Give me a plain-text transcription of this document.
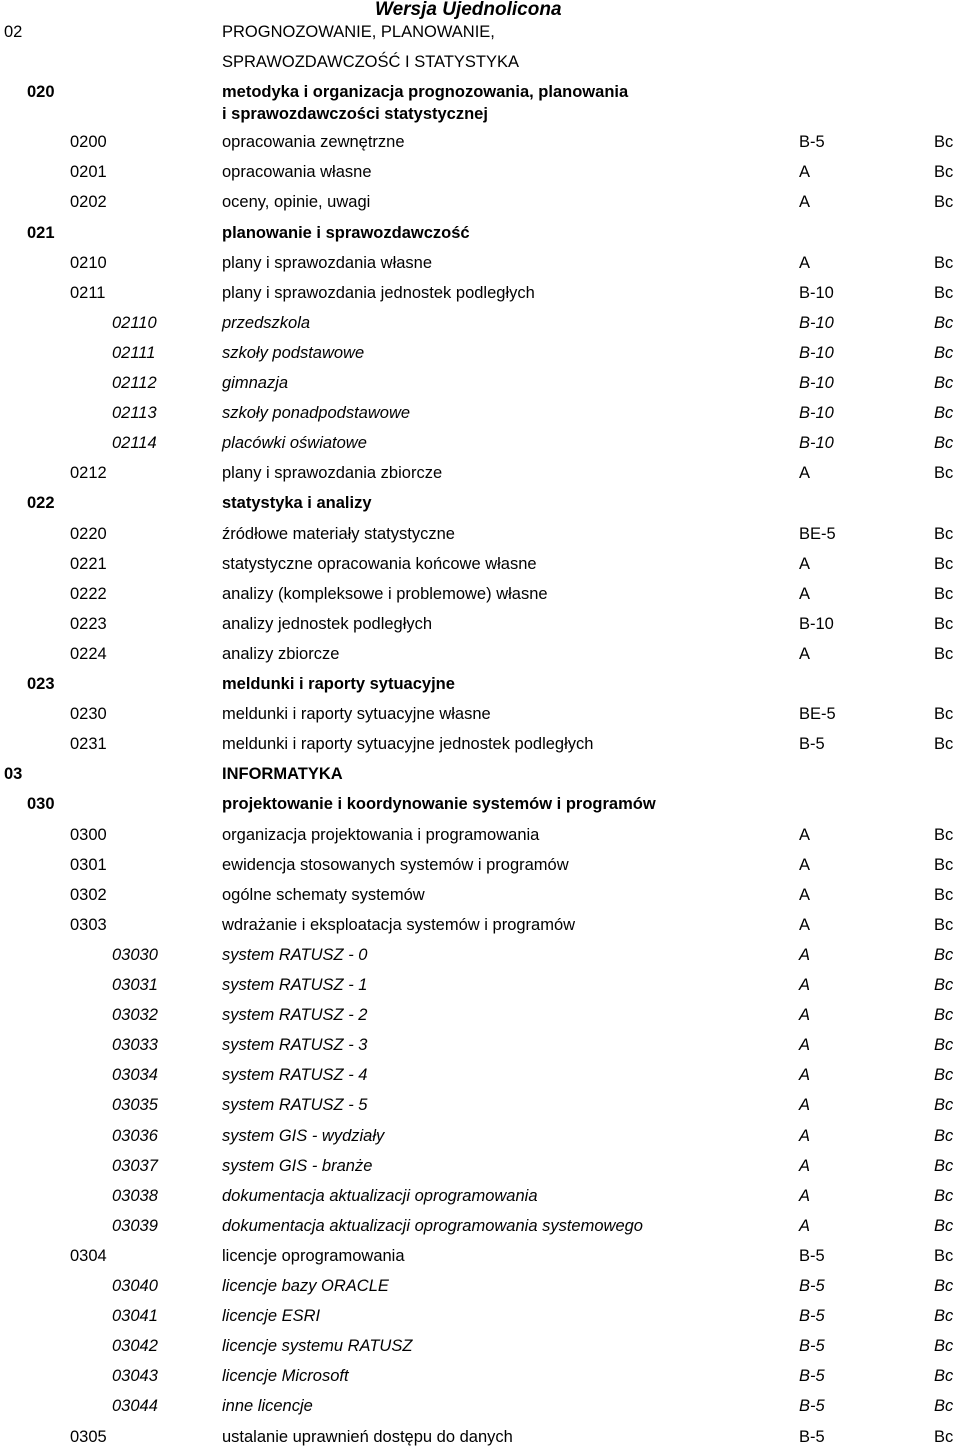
Wersja Ujednolicona
02	PROGNOZOWANIE, PLANOWANIE,
SPRAWOZDAWCZOŚĆ I STATYSTYKA
020	metodyka i organizacja prognozowania, planowania
i sprawozdawczości statystycznej
0200	opracowania zewnętrzne	B-5	Bc
0201	opracowania własne	A	Bc
0202	oceny, opinie, uwagi	A	Bc
021	planowanie i sprawozdawczość
0210	plany i sprawozdania własne	A	Bc
0211	plany i sprawozdania jednostek podległych	B-10	Bc
02110	przedszkola	B-10	Bc
02111	szkoły podstawowe	B-10	Bc
02112	gimnazja	B-10	Bc
02113	szkoły ponadpodstawowe	B-10	Bc
02114	placówki oświatowe	B-10	Bc
0212	plany i sprawozdania zbiorcze	A	Bc
022	statystyka i analizy
0220	źródłowe materiały statystyczne	BE-5	Bc
0221	statystyczne opracowania końcowe własne	A	Bc
0222	analizy (kompleksowe i problemowe) własne	A	Bc
0223	analizy jednostek podległych	B-10	Bc
0224	analizy zbiorcze	A	Bc
023	meldunki i raporty sytuacyjne
0230	meldunki i raporty sytuacyjne własne	BE-5	Bc
0231	meldunki i raporty sytuacyjne jednostek podległych	B-5	Bc
03	INFORMATYKA
030	projektowanie i koordynowanie systemów i programów
0300	organizacja projektowania i programowania	A	Bc
0301	ewidencja stosowanych systemów i programów	A	Bc
0302	ogólne schematy systemów	A	Bc
0303	wdrażanie i eksploatacja systemów i programów	A	Bc
03030	system RATUSZ - 0	A	Bc
03031	system RATUSZ - 1	A	Bc
03032	system RATUSZ - 2	A	Bc
03033	system RATUSZ - 3	A	Bc
03034	system RATUSZ - 4	A	Bc
03035	system RATUSZ - 5	A	Bc
03036	system GIS - wydziały	A	Bc
03037	system GIS - branże	A	Bc
03038	dokumentacja aktualizacji oprogramowania	A	Bc
03039	dokumentacja aktualizacji oprogramowania systemowego	A	Bc
0304	licencje oprogramowania	B-5	Bc
03040	licencje bazy ORACLE	B-5	Bc
03041	licencje ESRI	B-5	Bc
03042	licencje systemu RATUSZ	B-5	Bc
03043	licencje Microsoft	B-5	Bc
03044	inne licencje	B-5	Bc
0305	ustalanie uprawnień dostępu do danych	B-5	Bc
